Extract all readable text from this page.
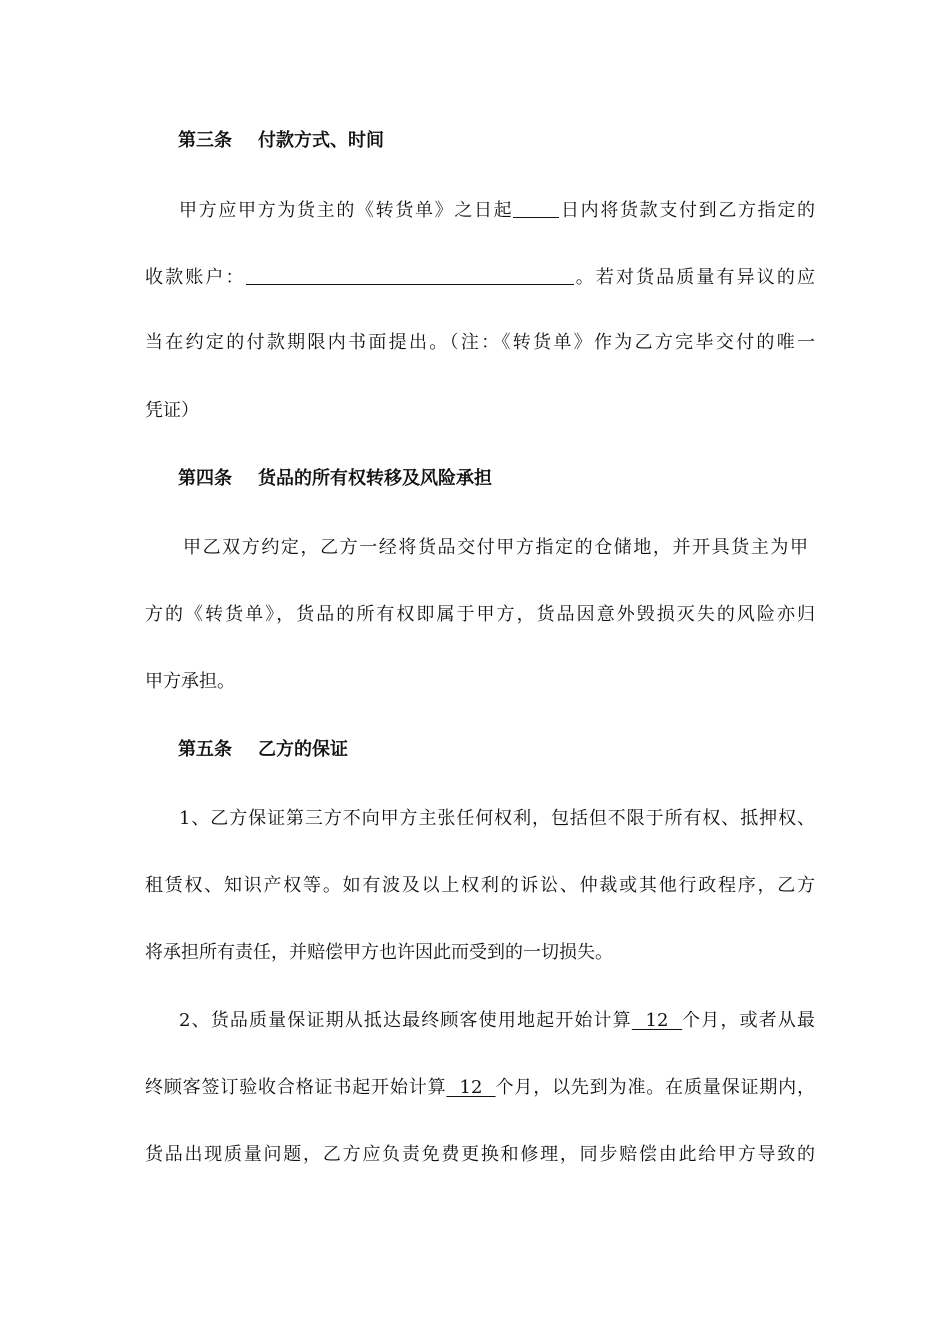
第三条 付款方式、时间
甲方应甲方为货主的《转货单》之日起	日内将货款支付到乙方指定的
收款账户：	。若对货品质量有异议的应
当在约定的付款期限内书面提出。（注：《转货单》作为乙方完毕交付的唯一
凭证）
第四条 货品的所有权转移及风险承担
甲乙双方约定，乙方一经将货品交付甲方指定的仓储地，并开具货主为甲
方的《转货单》，货品的所有权即属于甲方，货品因意外毁损灭失的风险亦归
甲方承担。
第五条 乙方的保证
1、乙方保证第三方不向甲方主张任何权利，包括但不限于所有权、抵押权、
租赁权、知识产权等。如有波及以上权利的诉讼、仲裁或其他行政程序，乙方
将承担所有责任，并赔偿甲方也许因此而受到的一切损失。
2、货品质量保证期从抵达最终顾客使用地起开始计算 12 个月，或者从最
终顾客签订验收合格证书起开始计算 12 个月，以先到为准。在质量保证期内，
货品出现质量问题，乙方应负责免费更换和修理，同步赔偿由此给甲方导致的
